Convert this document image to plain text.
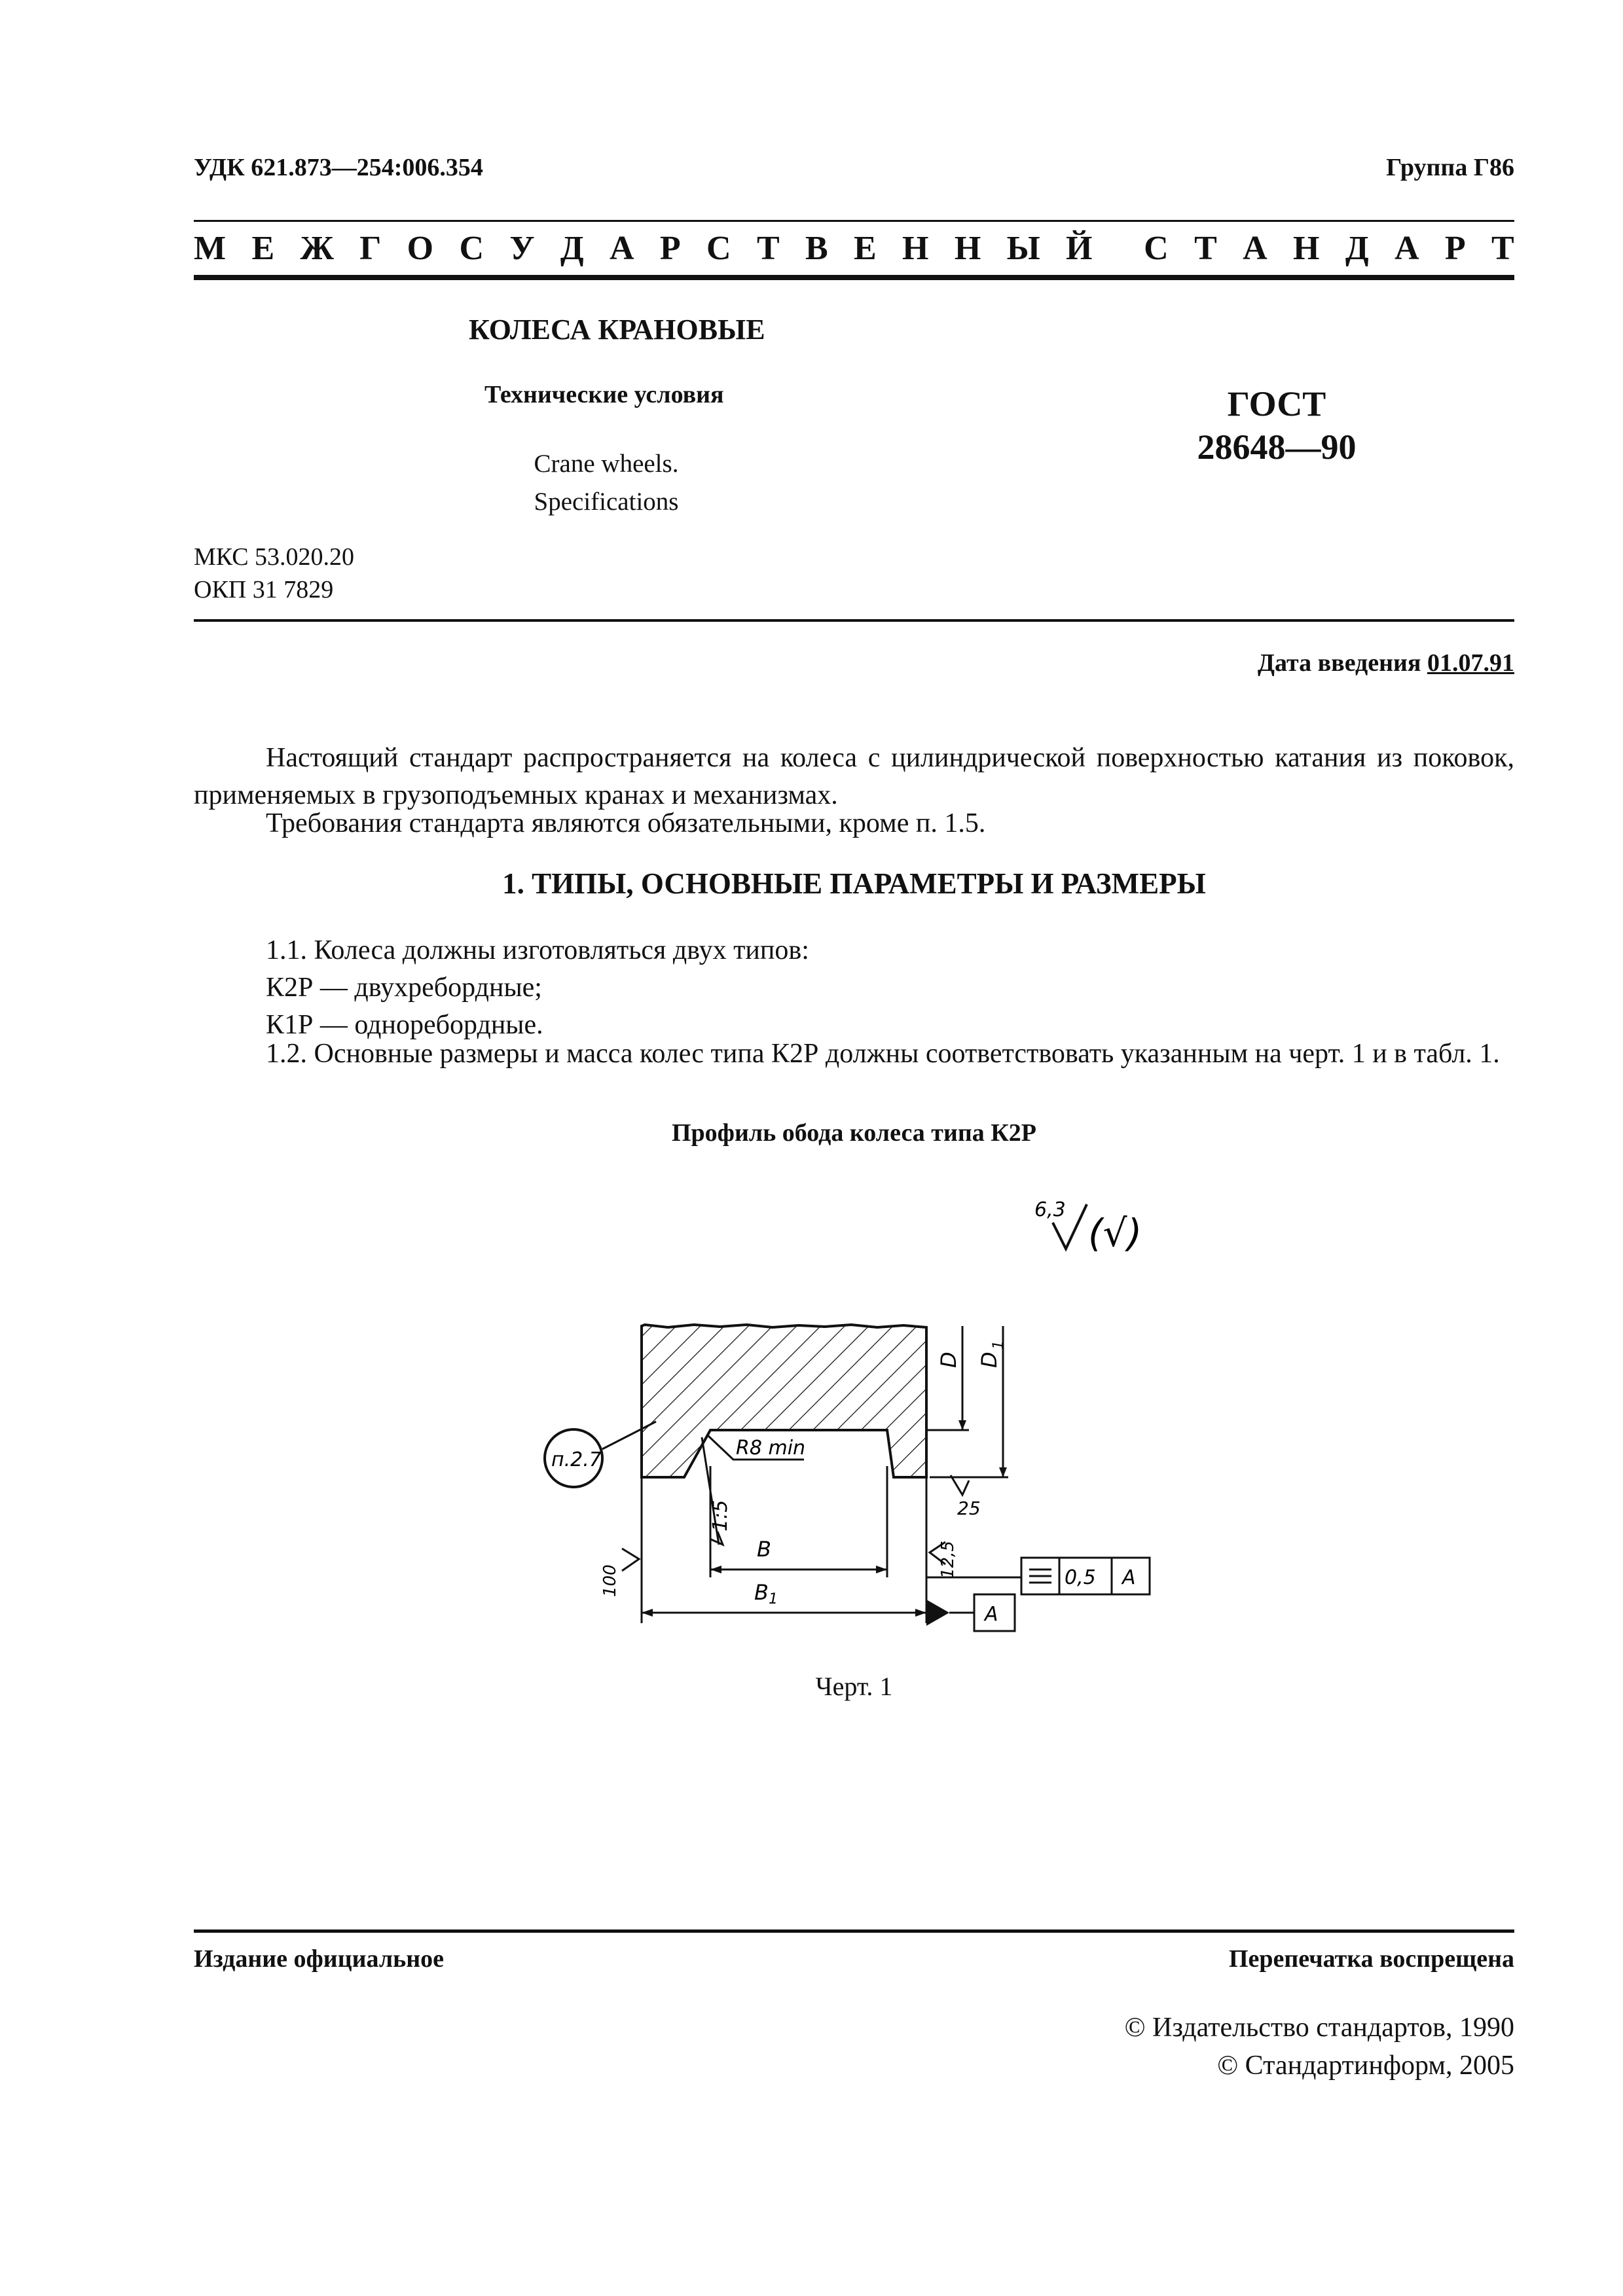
УДК 621.873—254:006.354	Группа Г86
М Е Ж Г О С У Д А Р С Т В Е Н Н Ы Й С Т А Н Д А Р Т
КОЛЕСА КРАНОВЫЕ
Технические условия
Crane wheels.
Specifications
ГОСТ
28648—90
МКС 53.020.20
ОКП 31 7829
Дата введения 01.07.91
Настоящий стандарт распространяется на колеса с цилиндрической поверхностью катания из поковок, применяемых в грузоподъемных кранах и механизмах.
Требования стандарта являются обязательными, кроме п. 1.5.
1. ТИПЫ, ОСНОВНЫЕ ПАРАМЕТРЫ И РАЗМЕРЫ
1.1. Колеса должны изготовляться двух типов:
К2Р — двухребордные;
К1Р — одноребордные.
1.2. Основные размеры и масса колес типа К2Р должны соответствовать указанным на черт. 1 и в табл. 1.
Профиль обода колеса типа К2Р
6,3
(√)
п.2.7
D D
1
R8 min
1:5
B
B 1
25
12,5
100	0,5 A
A
Черт. 1
Издание официальное	Перепечатка воспрещена
© Издательство стандартов, 1990
© Стандартинформ, 2005
